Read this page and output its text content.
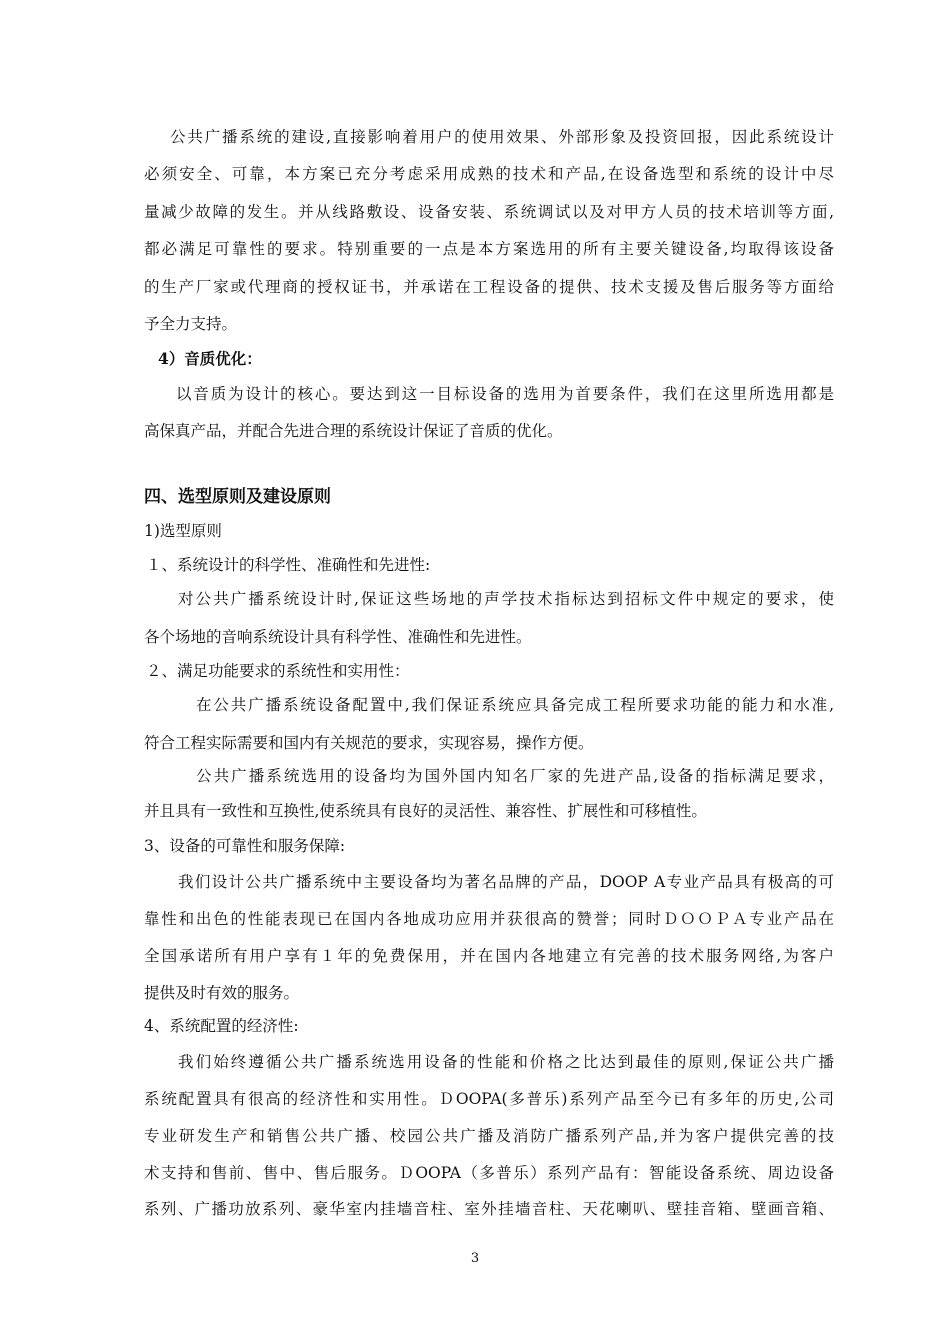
公共广播系统的建设,直接影响着用户的使用效果、外部形象及投资回报，因此系统设计
必须安全、可靠，本方案已充分考虑采用成熟的技术和产品,在设备选型和系统的设计中尽
量减少故障的发生。并从线路敷设、设备安装、系统调试以及对甲方人员的技术培训等方面,
都必满足可靠性的要求。特别重要的一点是本方案选用的所有主要关键设备,均取得该设备
的生产厂家或代理商的授权证书，并承诺在工程设备的提供、技术支援及售后服务等方面给
予全力支持。
4）音质优化：
以音质为设计的核心。要达到这一目标设备的选用为首要条件，我们在这里所选用都是
高保真产品，并配合先进合理的系统设计保证了音质的优化。
四、选型原则及建设原则
1)选型原则
１、系统设计的科学性、准确性和先进性:
对公共广播系统设计时,保证这些场地的声学技术指标达到招标文件中规定的要求，使
各个场地的音响系统设计具有科学性、准确性和先进性。
２、满足功能要求的系统性和实用性：
在公共广播系统设备配置中,我们保证系统应具备完成工程所要求功能的能力和水准,
符合工程实际需要和国内有关规范的要求，实现容易，操作方便。
公共广播系统选用的设备均为国外国内知名厂家的先进产品,设备的指标满足要求，
并且具有一致性和互换性,使系统具有良好的灵活性、兼容性、扩展性和可移植性。
3、设备的可靠性和服务保障:
我们设计公共广播系统中主要设备均为著名品牌的产品，DOOP A专业产品具有极高的可
靠性和出色的性能表现已在国内各地成功应用并获很高的赞誉；同时ＤＯＯＰＡ专业产品在
全国承诺所有用户享有１年的免费保用，并在国内各地建立有完善的技术服务网络,为客户
提供及时有效的服务。
4、系统配置的经济性:
我们始终遵循公共广播系统选用设备的性能和价格之比达到最佳的原则,保证公共广播
系统配置具有很高的经济性和实用性。ＤOOPA(多普乐)系列产品至今已有多年的历史,公司
专业研发生产和销售公共广播、校园公共广播及消防广播系列产品,并为客户提供完善的技
术支持和售前、售中、售后服务。ＤOOPA（多普乐）系列产品有：智能设备系统、周边设备
系列、广播功放系列、豪华室内挂墙音柱、室外挂墙音柱、天花喇叭、壁挂音箱、壁画音箱、
3
